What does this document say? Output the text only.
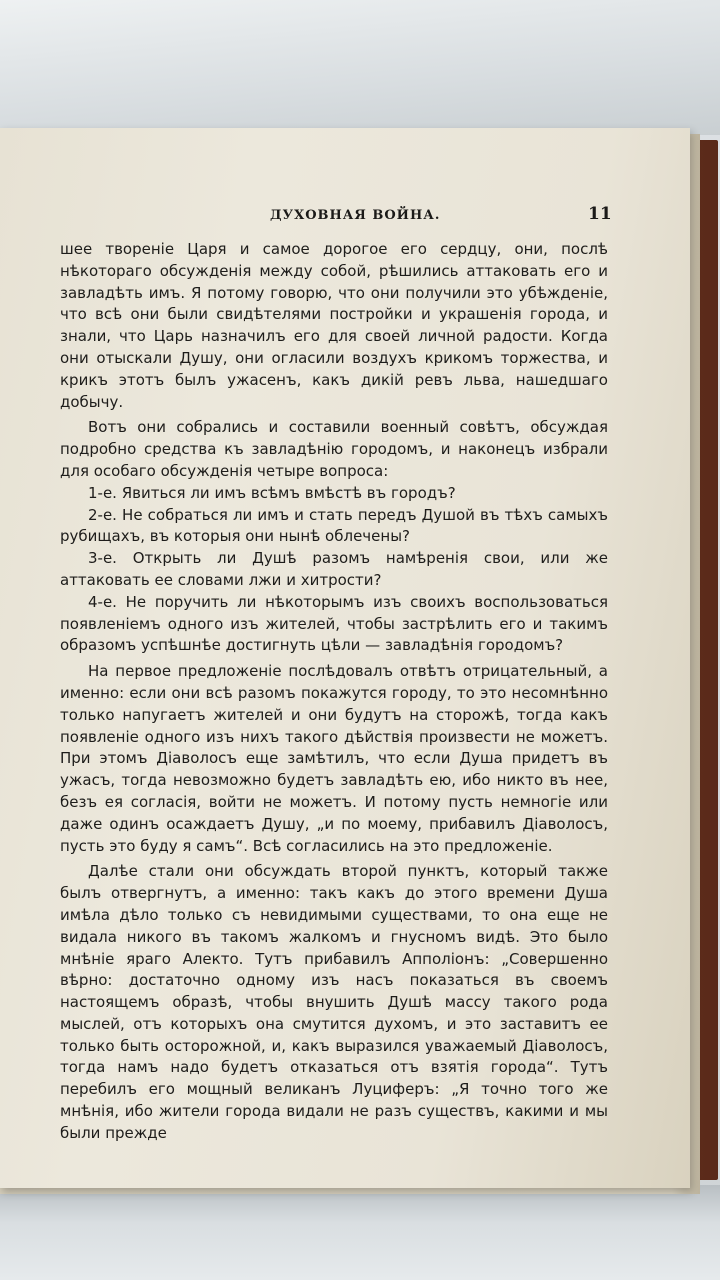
ДУХОВНАЯ ВОЙНА.	11

шее творенiе Царя и самое дорогое его сердцу, они, послѣ нѣкотораго обсужденiя между собой, рѣшились аттаковать его и завладѣть имъ. Я потому говорю, что они получили это убѣжденiе, что всѣ они были свидѣтелями постройки и украшенiя города, и знали, что Царь назначилъ его для своей личной радости. Когда они отыскали Душу, они огласили воздухъ крикомъ торжества, и крикъ этотъ былъ ужасенъ, какъ дикiй ревъ льва, нашедшаго добычу.

Вотъ они собрались и составили военный совѣтъ, обсуждая подробно средства къ завладѣнiю городомъ, и наконецъ избрали для особаго обсужденiя четыре вопроса:

1-е. Явиться ли имъ всѣмъ вмѣстѣ въ городъ?

2-е. Не собраться ли имъ и стать передъ Душой въ тѣхъ самыхъ рубищахъ, въ которыя они нынѣ облечены?

3-е. Открыть ли Душѣ разомъ намѣренiя свои, или же аттаковать ее словами лжи и хитрости?

4-е. Не поручить ли нѣкоторымъ изъ своихъ воспользоваться появленiемъ одного изъ жителей, чтобы застрѣлить его и такимъ образомъ успѣшнѣе достигнуть цѣли — завладѣнiя городомъ?

На первое предложенiе послѣдовалъ отвѣтъ отрицательный, а именно: если они всѣ разомъ покажутся городу, то это несомнѣнно только напугаетъ жителей и они будутъ на сторожѣ, тогда какъ появленiе одного изъ нихъ такого дѣйствiя произвести не можетъ. При этомъ Дiаволосъ еще замѣтилъ, что если Душа придетъ въ ужасъ, тогда невозможно будетъ завладѣть ею, ибо никто въ нее, безъ ея согласiя, войти не можетъ. И потому пусть немногiе или даже одинъ осаждаетъ Душу, „и по моему, прибавилъ Дiаволосъ, пусть это буду я самъ“. Всѣ согласились на это предложенiе.

Далѣе стали они обсуждать второй пунктъ, который также былъ отвергнутъ, а именно: такъ какъ до этого времени Душа имѣла дѣло только съ невидимыми существами, то она еще не видала никого въ такомъ жалкомъ и гнусномъ видѣ. Это было мнѣнiе яраго Алекто. Тутъ прибавилъ Апполiонъ: „Совершенно вѣрно: достаточно одному изъ насъ показаться въ своемъ настоящемъ образѣ, чтобы внушить Душѣ массу такого рода мыслей, отъ которыхъ она смутится духомъ, и это заставитъ ее только быть осторожной, и, какъ выразился уважаемый Дiаволосъ, тогда намъ надо будетъ отказаться отъ взятiя города“. Тутъ перебилъ его мощный великанъ Луциферъ: „Я точно того же мнѣнiя, ибо жители города видали не разъ существъ, какими и мы были прежде
